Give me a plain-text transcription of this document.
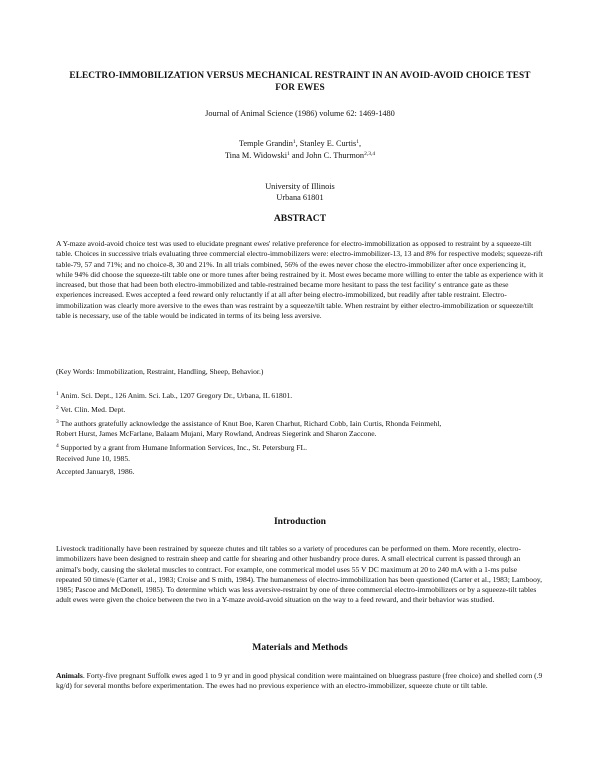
ELECTRO-IMMOBILIZATION VERSUS MECHANICAL RESTRAINT IN AN AVOID-AVOID CHOICE TEST FOR EWES
Journal of Animal Science (1986) volume 62: 1469-1480
Temple Grandin$^1$, Stanley E. Curtis$^1$,
Tina M. Widowski$^1$ and John C. Thurmon$^{2,3,4}$
University of Illinois
Urbana 61801
ABSTRACT
A Y-maze avoid-avoid choice test was used to elucidate pregnant ewes' relative preference for electro-immobilization as opposed to restraint by a squeeze-tilt table. Choices in successive trials evaluating three commercial electro-immobilizers were: electro-immobilizer-13, 13 and 8% for respective models; squeeze-rift table-79, 57 and 71%; and no choice-8, 30 and 21%. In all trials combined, 56% of the ewes never chose the electro-immobilizer after once experiencing it, while 94% did choose the squeeze-tilt table one or more tunes after being restrained by it. Most ewes became more willing to enter the table as experience with it increased, but those that had been both electro-immobilized and table-restrained became more hesitant to pass the test facility' s entrance gate as these experiences increased. Ewes accepted a feed reward only reluctantly if at all after being electro-immobilized, but readily after table restraint. Electro-immobilization was clearly more aversive to the ewes than was restraint by a squeeze/tilt table. When restraint by either electro-immobilization or squeeze/tilt table is necessary, use of the table would be indicated in terms of its being less aversive.
(Key Words: Immobilization, Restraint, Handling, Sheep, Behavior.)
$^1$ Anim. Sci. Dept., 126 Anim. Sci. Lab., 1207 Gregory Dr., Urbana, IL 61801.
$^2$ Vet. Clin. Med. Dept.
$^3$ The authors gratefully acknowledge the assistance of Knut Boe, Karen Charhut, Richard Cobb, Iain Curtis, Rhonda Feinmehl,
Robert Hurst, James McFarlane, Balaam Mujani, Mary Rowland, Andreas Siegerink and Sharon Zaccone.
$^4$ Supported by a grant from Humane Information Services, Inc., St. Petersburg FL.
Received June 10, 1985.
Accepted January8, 1986.
Introduction
Livestock traditionally have been restrained by squeeze chutes and tilt tables so a variety of procedures can be performed on them. More recently, electro-immobilizers have been designed to restrain sheep and cattle for shearing and other husbandry proce dures. A small electrical current is passed through an animal's body, causing the skeletal muscles to contract. For example, one commerical model uses 55 V DC maximum at 20 to 240 mA with a 1-ms pulse repeated 50 times/e (Carter et al., 1983; Croise and S mith, 1984). The humaneness of electro-immobilization has been questioned (Carter et al., 1983; Lambooy, 1985; Pascoe and McDonell, 1985). To determine which was less aversive-restraint by one of three commercial electro-immobilizers or by a squeeze-tilt tables adult ewes were given the choice between the two in a Y-maze avoid-avoid situation on the way to a feed reward, and their behavior was studied.
Materials and Methods
Animals. Forty-five pregnant Suffolk ewes aged 1 to 9 yr and in good physical condition were maintained on bluegrass pasture (free choice) and shelled corn (.9 kg/d) for several months before experimentation. The ewes had no previous experience with an electro-immobilizer, squeeze chute or tilt table.
